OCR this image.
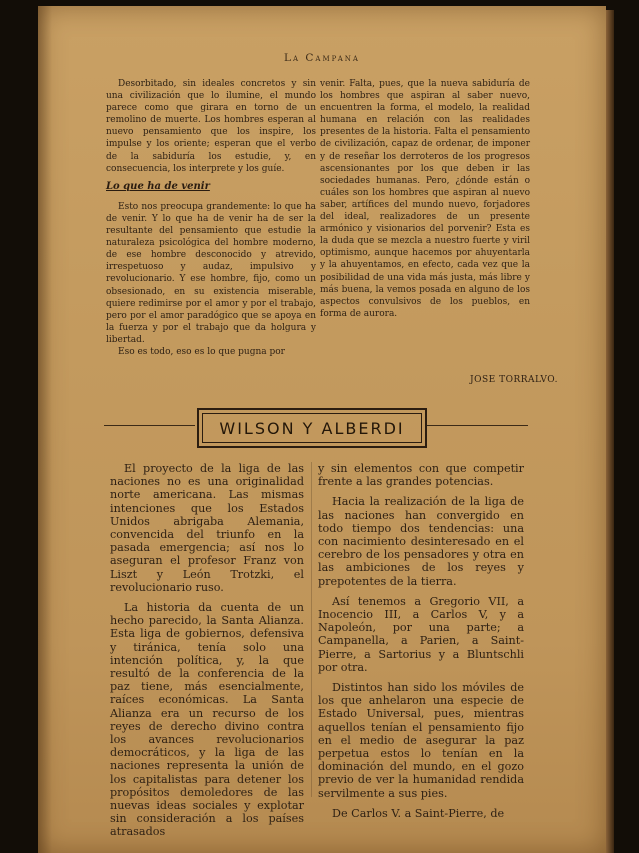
La Campana

Desorbitado, sin ideales concretos y sin una civilización que lo ilumine, el mundo parece como que girara en torno de un remolino de muerte. Los hombres esperan al nuevo pensamiento que los inspire, los impulse y los oriente; esperan que el verbo de la sabiduría los estudie, y, en consecuencia, los interprete y los guíe.

Lo que ha de venir

Esto nos preocupa grandemente: lo que ha de venir. Y lo que ha de venir ha de ser la resultante del pensamiento que estudie la naturaleza psicológica del hombre moderno, de ese hombre desconocido y atrevido, irrespetuoso y audaz, impulsivo y revolucionario. Y ese hombre, fijo, como un obsesionado, en su existencia miserable, quiere redimirse por el amor y por el trabajo, pero por el amor paradógico que se apoya en la fuerza y por el trabajo que da holgura y libertad.

Eso es todo, eso es lo que pugna por

venir. Falta, pues, que la nueva sabiduría de los hombres que aspiran al saber nuevo, encuentren la forma, el modelo, la realidad humana en relación con las realidades presentes de la historia. Falta el pensamiento de civilización, capaz de ordenar, de imponer y de reseñar los derroteros de los progresos ascensionantes por los que deben ir las sociedades humanas. Pero, ¿dónde están o cuáles son los hombres que aspiran al nuevo saber, artífices del mundo nuevo, forjadores del ideal, realizadores de un presente armónico y visionarios del porvenir? Esta es la duda que se mezcla a nuestro fuerte y viril optimismo, aunque hacemos por ahuyentarla y la ahuyentamos, en efecto, cada vez que la posibilidad de una vida más justa, más libre y más buena, la vemos posada en alguno de los aspectos convulsivos de los pueblos, en forma de aurora.

JOSE TORRALVO.
WILSON Y ALBERDI

El proyecto de la liga de las naciones no es una originalidad norte americana. Las mismas intenciones que los Estados Unidos abrigaba Alemania, convencida del triunfo en la pasada emergencia; así nos lo aseguran el profesor Franz von Liszt y León Trotzki, el revolucionario ruso.

La historia da cuenta de un hecho parecido, la Santa Alianza. Esta liga de gobiernos, defensiva y tiránica, tenía solo una intención política, y, la que resultó de la conferencia de la paz tiene, más esencialmente, raíces económicas. La Santa Alianza era un recurso de los reyes de derecho divino contra los avances revolucionarios democráticos, y la liga de las naciones representa la unión de los capitalistas para detener los propósitos demoledores de las nuevas ideas sociales y explotar sin consideración a los países atrasados

y sin elementos con que competir frente a las grandes potencias.

Hacia la realización de la liga de las naciones han convergido en todo tiempo dos tendencias: una con nacimiento desinteresado en el cerebro de los pensadores y otra en las ambiciones de los reyes y prepotentes de la tierra.

Así tenemos a Gregorio VII, a Inocencio III, a Carlos V, y a Napoleón, por una parte; a Campanella, a Parien, a Saint-Pierre, a Sartorius y a Bluntschli por otra.

Distintos han sido los móviles de los que anhelaron una especie de Estado Universal, pues, mientras aquellos tenían el pensamiento fijo en el medio de asegurar la paz perpetua estos lo tenían en la dominación del mundo, en el gozo previo de ver la humanidad rendida servilmente a sus pies.

De Carlos V. a Saint-Pierre, de
